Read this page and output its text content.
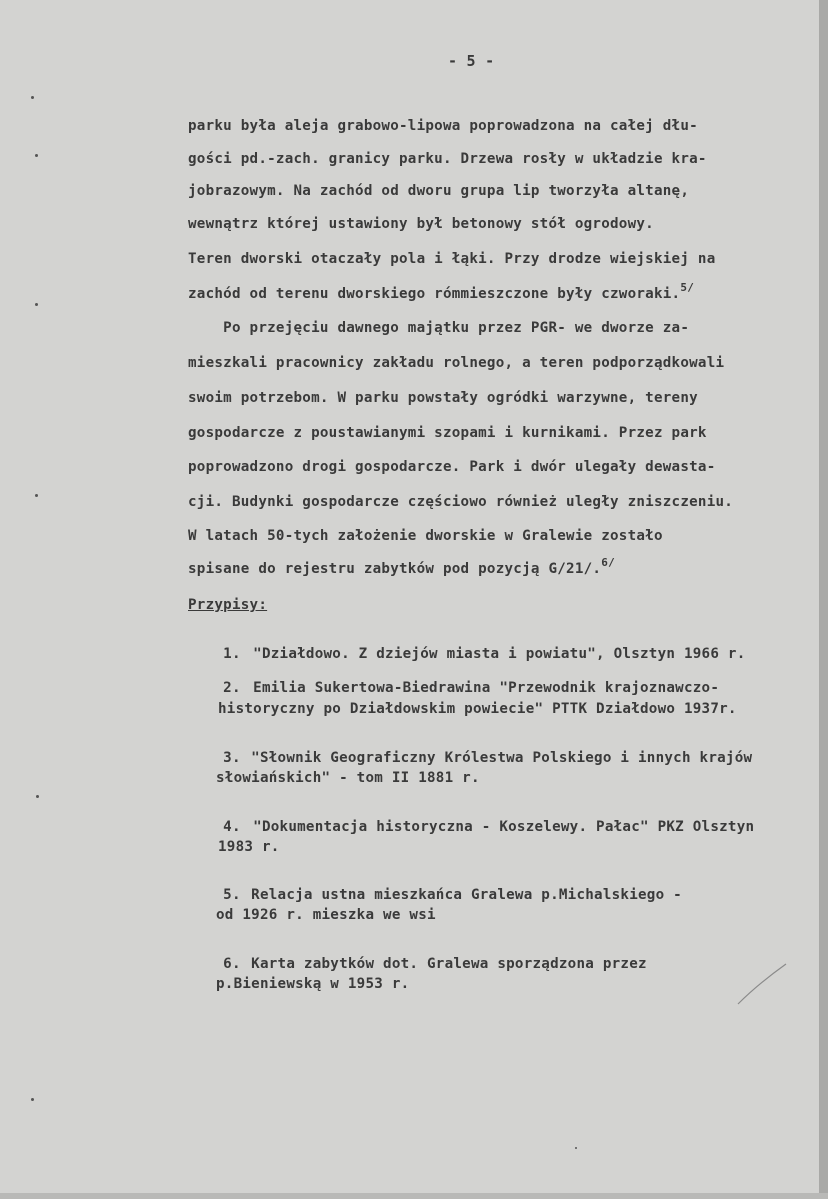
- 5 -
parku była aleja grabowo-lipowa poprowadzona na całej dłu-
gości pd.-zach. granicy parku. Drzewa rosły w układzie kra-
jobrazowym. Na zachód od dworu grupa lip tworzyła altanę,
wewnątrz której ustawiony był betonowy stół ogrodowy.
Teren dworski otaczały pola i łąki. Przy drodze wiejskiej na
zachód od terenu dworskiego rómmieszczone były czworaki.$^{5/}$
Po przejęciu dawnego majątku przez PGR- we dworze za-
mieszkali pracownicy zakładu rolnego, a teren podporządkowali
swoim potrzebom. W parku powstały ogródki warzywne, tereny
gospodarcze z poustawianymi szopami i kurnikami. Przez park
poprowadzono drogi gospodarcze. Park i dwór ulegały dewasta-
cji. Budynki gospodarcze częściowo również uległy zniszczeniu.
W latach 50-tych założenie dworskie w Gralewie zostało
spisane do rejestru zabytków pod pozycją G/21/.$^{6/}$
Przypisy:

1. "Działdowo. Z dziejów miasta i powiatu", Olsztyn 1966 r.

2. Emilia Sukertowa-Biedrawina "Przewodnik krajoznawczo-

historyczny po Działdowskim powiecie" PTTK Działdowo 1937r.

3. "Słownik Geograficzny Królestwa Polskiego i innych krajów

słowiańskich" - tom II 1881 r.

4. "Dokumentacja historyczna - Koszelewy. Pałac" PKZ Olsztyn

1983 r.

5. Relacja ustna mieszkańca Gralewa p.Michalskiego -

od 1926 r. mieszka we wsi

6. Karta zabytków dot. Gralewa sporządzona przez

p.Bieniewską w 1953 r.
